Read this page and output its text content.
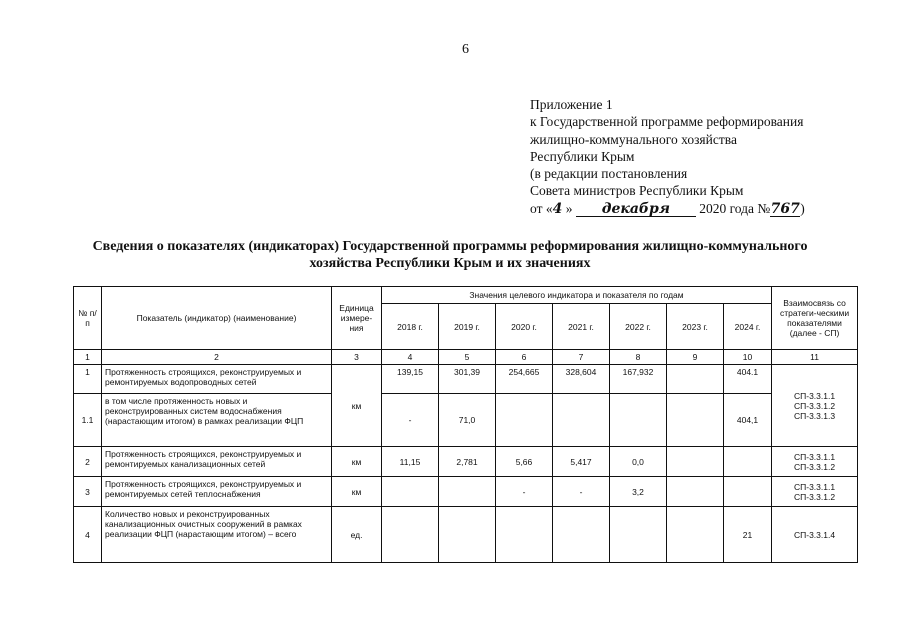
6
Приложение 1
к Государственной программе реформирования
жилищно-коммунального хозяйства
Республики Крым
(в редакции постановления
Совета министров Республики Крым
от «4 » декабря 2020 года №767)
Сведения о показателях (индикаторах) Государственной программы реформирования жилищно-коммунального
хозяйства Республики Крым и их значениях
№ п/п	Показатель (индикатор) (наименование)	Единица измере-ния	Значения целевого индикатора и показателя по годам							Взаимосвязь со стратеги-ческими показателями (далее - СП)
			2018 г.	2019 г.	2020 г.	2021 г.	2022 г.	2023 г.	2024 г.	
1	2	3	4	5	6	7	8	9	10	11
1	Протяженность строящихся, реконструируемых и ремонтируемых водопроводных сетей	км	139,15	301,39	254,665	328,604	167,932		404.1	СП-3.3.1.1
СП-3.3.1.2
СП-3.3.1.3
1.1	в том числе протяженность новых и реконструированных систем водоснабжения (нарастающим итогом) в рамках реализации ФЦП		-	71,0					404,1	
2	Протяженность строящихся, реконструируемых и ремонтируемых канализационных сетей	км	11,15	2,781	5,66	5,417	0,0			СП-3.3.1.1
СП-3.3.1.2
3	Протяженность строящихся, реконструируемых и ремонтируемых сетей теплоснабжения	км			-	-	3,2			СП-3.3.1.1
СП-3.3.1.2
4	Количество новых и реконструированных канализационных очистных сооружений в рамках реализации ФЦП (нарастающим итогом) – всего	ед.							21	СП-3.3.1.4
